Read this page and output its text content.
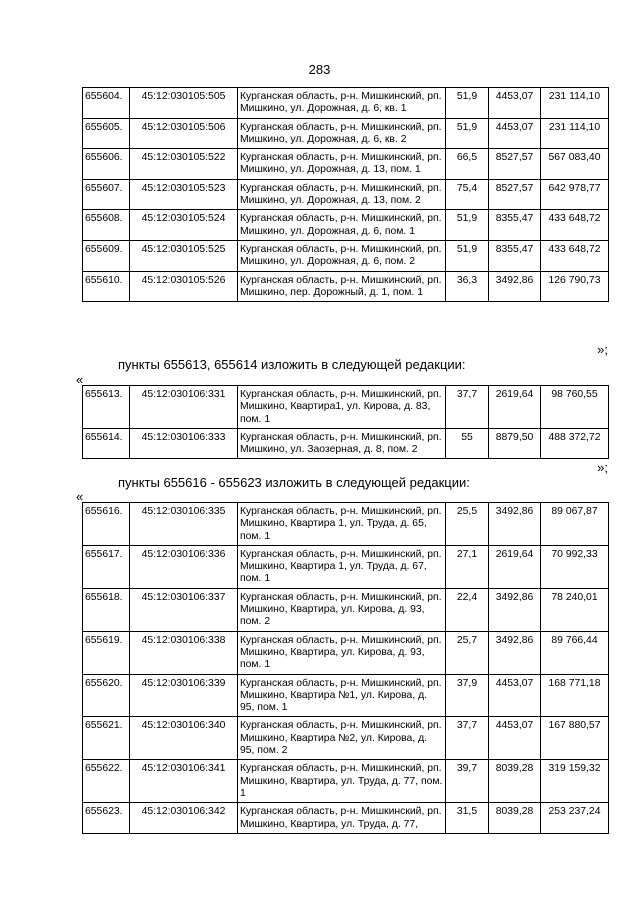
283
655604.	45:12:030105:505	Курганская область, р-н. Мишкинский, рп. Мишкино, ул. Дорожная, д. 6, кв. 1	51,9	4453,07	231 114,10
655605.	45:12:030105:506	Курганская область, р-н. Мишкинский, рп. Мишкино, ул. Дорожная, д. 6, кв. 2	51,9	4453,07	231 114,10
655606.	45:12:030105:522	Курганская область, р-н. Мишкинский, рп. Мишкино, ул. Дорожная, д. 13, пом. 1	66,5	8527,57	567 083,40
655607.	45:12:030105:523	Курганская область, р-н. Мишкинский, рп. Мишкино, ул. Дорожная, д. 13, пом. 2	75,4	8527,57	642 978,77
655608.	45:12:030105:524	Курганская область, р-н. Мишкинский, рп. Мишкино, ул. Дорожная, д. 6, пом. 1	51,9	8355,47	433 648,72
655609.	45:12:030105:525	Курганская область, р-н. Мишкинский, рп. Мишкино, ул. Дорожная, д. 6, пом. 2	51,9	8355,47	433 648,72
655610.	45:12:030105:526	Курганская область, р-н. Мишкинский, рп. Мишкино, пер. Дорожный, д. 1, пом. 1	36,3	3492,86	126 790,73
»;
пункты 655613, 655614 изложить в следующей редакции:
«
655613.	45:12:030106:331	Курганская область, р-н. Мишкинский, рп. Мишкино, Квартира1, ул. Кирова, д. 83, пом. 1	37,7	2619,64	98 760,55
655614.	45:12:030106:333	Курганская область, р-н. Мишкинский, рп. Мишкино, ул. Заозерная, д. 8, пом. 2	55	8879,50	488 372,72
»;
пункты 655616 - 655623 изложить в следующей редакции:
«
655616.	45:12:030106:335	Курганская область, р-н. Мишкинский, рп. Мишкино, Квартира 1, ул. Труда, д. 65, пом. 1	25,5	3492,86	89 067,87
655617.	45:12:030106:336	Курганская область, р-н. Мишкинский, рп. Мишкино, Квартира 1, ул. Труда, д. 67, пом. 1	27,1	2619,64	70 992,33
655618.	45:12:030106:337	Курганская область, р-н. Мишкинский, рп. Мишкино, Квартира, ул. Кирова, д. 93, пом. 2	22,4	3492,86	78 240,01
655619.	45:12:030106:338	Курганская область, р-н. Мишкинский, рп. Мишкино, Квартира, ул. Кирова, д. 93, пом. 1	25,7	3492,86	89 766,44
655620.	45:12:030106:339	Курганская область, р-н. Мишкинский, рп. Мишкино, Квартира №1, ул. Кирова, д. 95, пом. 1	37,9	4453,07	168 771,18
655621.	45:12:030106:340	Курганская область, р-н. Мишкинский, рп. Мишкино, Квартира №2, ул. Кирова, д. 95, пом. 2	37,7	4453,07	167 880,57
655622.	45:12:030106:341	Курганская область, р-н. Мишкинский, рп. Мишкино, Квартира, ул. Труда, д. 77, пом. 1	39,7	8039,28	319 159,32
655623.	45:12:030106:342	Курганская область, р-н. Мишкинский, рп. Мишкино, Квартира, ул. Труда, д. 77,	31,5	8039,28	253 237,24
